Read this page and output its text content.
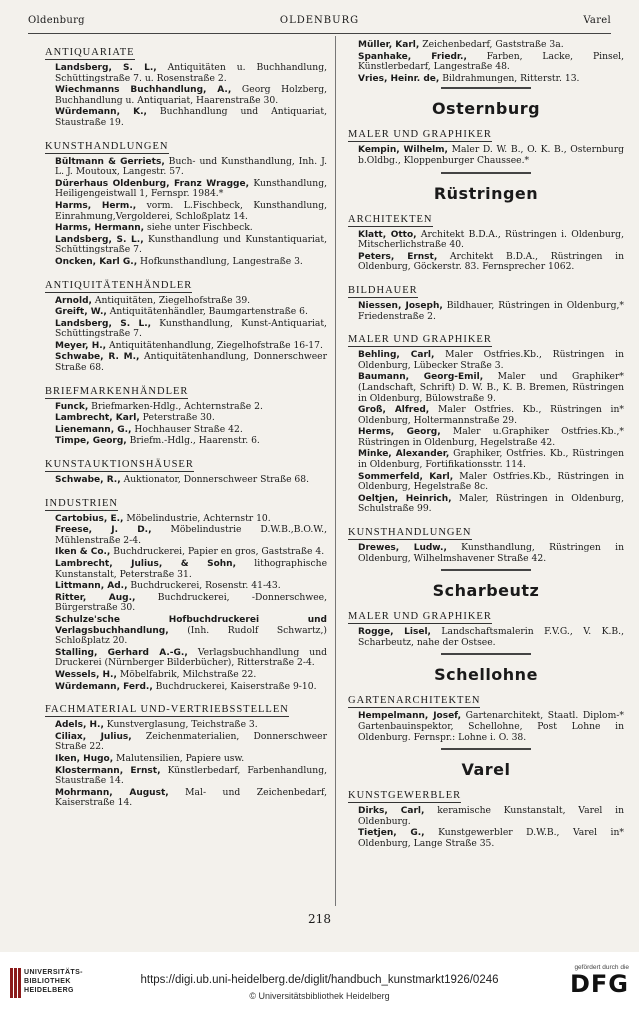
Oldenburg	OLDENBURG	Varel
ANTIQUARIATE

Landsberg, S. L., Antiquitäten u. Buchhandlung, Schüttingstraße 7. u. Rosenstraße 2.

Wiechmanns Buchhandlung, A., Georg Holzberg, Buchhandlung u. Antiquariat, Haarenstraße 30.

Würdemann, K., Buchhandlung und Antiquariat, Staustraße 19.

KUNSTHANDLUNGEN

Bültmann & Gerriets, Buch- und Kunsthandlung, Inh. J. L. J. Moutoux, Langestr. 57.

Dürerhaus Oldenburg, Franz Wragge, Kunsthandlung, Heiligengeistwall 1, Fernspr. 1984.*

Harms, Herm., vorm. L.Fischbeck, Kunsthandlung, Einrahmung,Vergolderei, Schloßplatz 14.

Harms, Hermann, siehe unter Fischbeck.

Landsberg, S. L., Kunsthandlung und Kunstantiquariat, Schüttingstraße 7.

Oncken, Karl G., Hofkunsthandlung, Langestraße 3.

ANTIQUITÄTENHÄNDLER

Arnold, Antiquitäten, Ziegelhofstraße 39.

Greift, W., Antiquitätenhändler, Baumgartenstraße 6.

Landsberg, S. L., Kunsthandlung, Kunst-Antiquariat, Schüttingstraße 7.

Meyer, H., Antiquitätenhandlung, Ziegelhofstraße 16-17.

Schwabe, R. M., Antiquitätenhandlung, Donnerschweer Straße 68.

BRIEFMARKENHÄNDLER

Funck, Briefmarken-Hdlg., Achternstraße 2.

Lambrecht, Karl, Peterstraße 30.

Lienemann, G., Hochhauser Straße 42.

Timpe, Georg, Briefm.-Hdlg., Haarenstr. 6.

KUNSTAUKTIONSHÄUSER

Schwabe, R., Auktionator, Donnerschweer Straße 68.

INDUSTRIEN

Cartobius, E., Möbelindustrie, Achternstr 10.

Freese, J. D., Möbelindustrie D.W.B.,B.O.W., Mühlenstraße 2-4.

Iken & Co., Buchdruckerei, Papier en gros, Gaststraße 4.

Lambrecht, Julius, & Sohn, lithographische Kunstanstalt, Peterstraße 31.

Littmann, Ad., Buchdruckerei, Rosenstr. 41-43.

Ritter, Aug., Buchdruckerei, -Donnerschwee, Bürgerstraße 30.

Schulze'sche Hofbuchdruckerei und Verlagsbuchhandlung, (Inh. Rudolf Schwartz,) Schloßplatz 20.

Stalling, Gerhard A.-G., Verlagsbuchhandlung und Druckerei (Nürnberger Bilderbücher), Ritterstraße 2-4.

Wessels, H., Möbelfabrik, Milchstraße 22.

Würdemann, Ferd., Buchdruckerei, Kaiserstraße 9-10.

FACHMATERIAL UND-VERTRIEBSSTELLEN

Adels, H., Kunstverglasung, Teichstraße 3.

Ciliax, Julius, Zeichenmaterialien, Donnerschweer Straße 22.

Iken, Hugo, Malutensilien, Papiere usw.

Klostermann, Ernst, Künstlerbedarf, Farbenhandlung, Staustraße 14.

Mohrmann, August, Mal- und Zeichenbedarf, Kaiserstraße 14.

Müller, Karl, Zeichenbedarf, Gaststraße 3a.

Spanhake, Friedr., Farben, Lacke, Pinsel, Künstlerbedarf, Langestraße 48.

Vries, Heinr. de, Bildrahmungen, Ritterstr. 13.

Osternburg
MALER UND GRAPHIKER

Kempin, Wilhelm, Maler D. W. B., O. K. B., Osternburg b.Oldbg., Kloppenburger Chaussee.*

Rüstringen
ARCHITEKTEN

Klatt, Otto, Architekt B.D.A., Rüstringen i. Oldenburg, Mitscherlichstraße 40.

Peters, Ernst, Architekt B.D.A., Rüstringen in Oldenburg, Göckerstr. 83. Fernsprecher 1062.

BILDHAUER

*
Niessen, Joseph, Bildhauer, Rüstringen in Oldenburg, Friedenstraße 2.

MALER UND GRAPHIKER

Behling, Carl, Maler Ostfries.Kb., Rüstringen in Oldenburg, Lübecker Straße 3.

*
Baumann, Georg-Emil, Maler und Graphiker (Landschaft, Schrift) D. W. B., K. B. Bremen, Rüstringen in Oldenburg, Bülowstraße 9.

*
Groß, Alfred, Maler Ostfries. Kb., Rüstringen in Oldenburg, Holtermannstraße 29.

*
Herms, Georg, Maler u.Graphiker Ostfries.Kb., Rüstringen in Oldenburg, Hegelstraße 42.

Minke, Alexander, Graphiker, Ostfries. Kb., Rüstringen in Oldenburg, Fortifikationsstr. 114.

Sommerfeld, Karl, Maler Ostfries.Kb., Rüstringen in Oldenburg, Hegelstraße 8c.

Oeltjen, Heinrich, Maler, Rüstringen in Oldenburg, Schulstraße 99.

KUNSTHANDLUNGEN

Drewes, Ludw., Kunsthandlung, Rüstringen in Oldenburg, Wilhelmshavener Straße 42.

Scharbeutz
MALER UND GRAPHIKER

Rogge, Lisel, Landschaftsmalerin F.V.G., V. K.B., Scharbeutz, nahe der Ostsee.

Schellohne
GARTENARCHITEKTEN

*
Hempelmann, Josef, Gartenarchitekt, Staatl. Diplom-Gartenbauinspektor, Schellohne, Post Lohne in Oldenburg. Fernspr.: Lohne i. O. 38.

Varel
KUNSTGEWERBLER

Dirks, Carl, keramische Kunstanstalt, Varel in Oldenburg.

*
Tietjen, G., Kunstgewerbler D.W.B., Varel in Oldenburg, Lange Straße 35.

218
UNIVERSITÄTS-
BIBLIOTHEK
HEIDELBERG
https://digi.ub.uni-heidelberg.de/diglit/handbuch_kunstmarkt1926/0246
© Universitätsbibliothek Heidelberg
gefördert durch die
DFG
